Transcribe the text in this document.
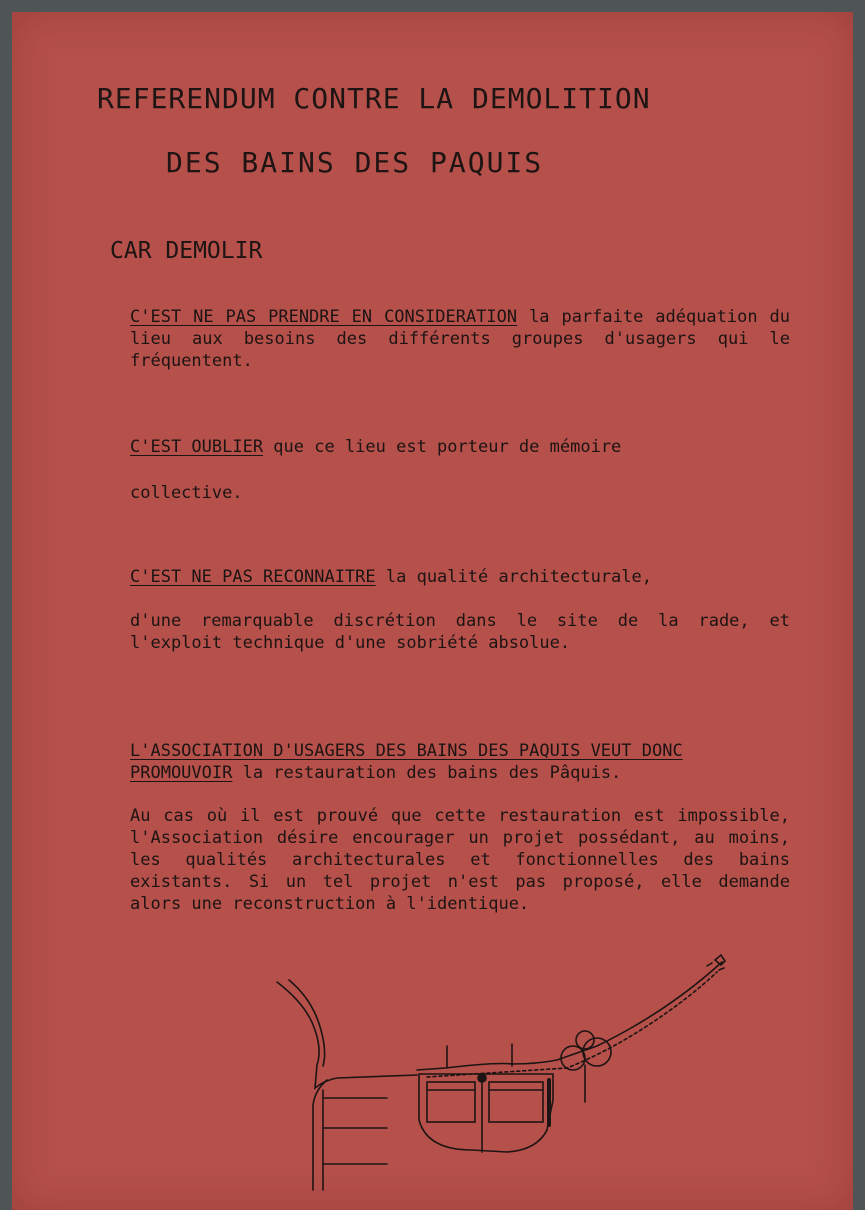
REFERENDUM CONTRE LA DEMOLITION
DES BAINS DES PAQUIS
CAR DEMOLIR
C'EST NE PAS PRENDRE EN CONSIDERATION la parfaite adéquation du lieu aux besoins des différents groupes d'usagers qui le fréquentent.
C'EST OUBLIER que ce lieu est porteur de mémoire
collective.
C'EST NE PAS RECONNAITRE la qualité architecturale,
d'une remarquable discrétion dans le site de la rade, et l'exploit technique d'une sobriété absolue.
L'ASSOCIATION D'USAGERS DES BAINS DES PAQUIS VEUT DONC PROMOUVOIR la restauration des bains des Pâquis.
Au cas où il est prouvé que cette restauration est impossible, l'Association désire encourager un projet possédant, au moins, les qualités architecturales et fonctionnelles des bains existants. Si un tel projet n'est pas proposé, elle demande alors une reconstruction à l'identique.
